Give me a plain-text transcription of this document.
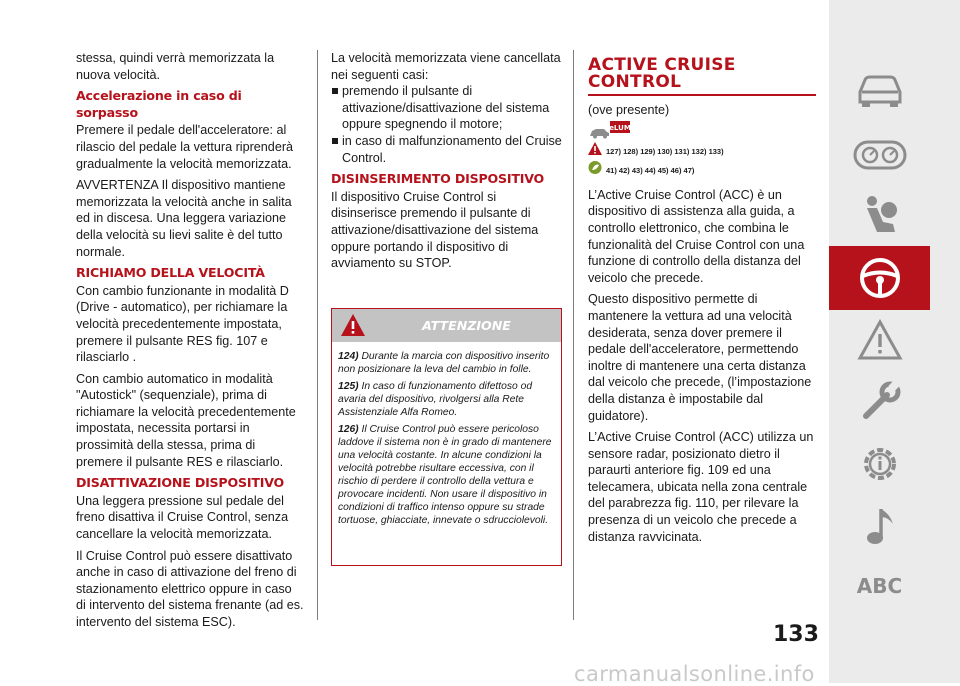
stessa, quindi verrà memorizzata la nuova velocità.

Accelerazione in caso di sorpasso

Premere il pedale dell'acceleratore: al rilascio del pedale la vettura riprenderà gradualmente la velocità memorizzata.

AVVERTENZA Il dispositivo mantiene memorizzata la velocità anche in salita ed in discesa. Una leggera variazione della velocità su lievi salite è del tutto normale.

RICHIAMO DELLA VELOCITÀ

Con cambio funzionante in modalità D (Drive - automatico), per richiamare la velocità precedentemente impostata, premere il pulsante RES fig. 107 e rilasciarlo .

Con cambio automatico in modalità "Autostick" (sequenziale), prima di richiamare la velocità precedentemente impostata, necessita portarsi in prossimità della stessa, prima di premere il pulsante RES e rilasciarlo.

DISATTIVAZIONE DISPOSITIVO

Una leggera pressione sul pedale del freno disattiva il Cruise Control, senza cancellare la velocità memorizzata.

Il Cruise Control può essere disattivato anche in caso di attivazione del freno di stazionamento elettrico oppure in caso di intervento del sistema frenante (ad es. intervento del sistema ESC).

La velocità memorizzata viene cancellata nei seguenti casi:

premendo il pulsante di attivazione/disattivazione del sistema oppure spegnendo il motore;

in caso di malfunzionamento del Cruise Control.

DISINSERIMENTO DISPOSITIVO

Il dispositivo Cruise Control si disinserisce premendo il pulsante di attivazione/disattivazione del sistema oppure portando il dispositivo di avviamento su STOP.

ATTENZIONE

124) Durante la marcia con dispositivo inserito non posizionare la leva del cambio in folle.

125) In caso di funzionamento difettoso od avaria del dispositivo, rivolgersi alla Rete Assistenziale Alfa Romeo.

126) Il Cruise Control può essere pericoloso laddove il sistema non è in grado di mantenere una velocità costante. In alcune condizioni la velocità potrebbe risultare eccessiva, con il rischio di perdere il controllo della vettura e provocare incidenti. Non usare il dispositivo in condizioni di traffico intenso oppure su strade tortuose, ghiacciate, innevate o sdrucciolevoli.

ACTIVE CRUISE CONTROL

(ove presente)

eLUM
127) 128) 129) 130) 131) 132) 133)
41) 42) 43) 44) 45) 46) 47)

L’Active Cruise Control (ACC) è un dispositivo di assistenza alla guida, a controllo elettronico, che combina le funzionalità del Cruise Control con una funzione di controllo della distanza del veicolo che precede.

Questo dispositivo permette di mantenere la vettura ad una velocità desiderata, senza dover premere il pedale dell'acceleratore, permettendo inoltre di mantenere una certa distanza dal veicolo che precede, (l’impostazione della distanza è impostabile dal guidatore).

L’Active Cruise Control (ACC) utilizza un sensore radar, posizionato dietro il paraurti anteriore fig. 109 ed una telecamera, ubicata nella zona centrale del parabrezza fig. 110, per rilevare la presenza di un veicolo che precede a distanza ravvicinata.

ABC
133
carmanualsonline.info
